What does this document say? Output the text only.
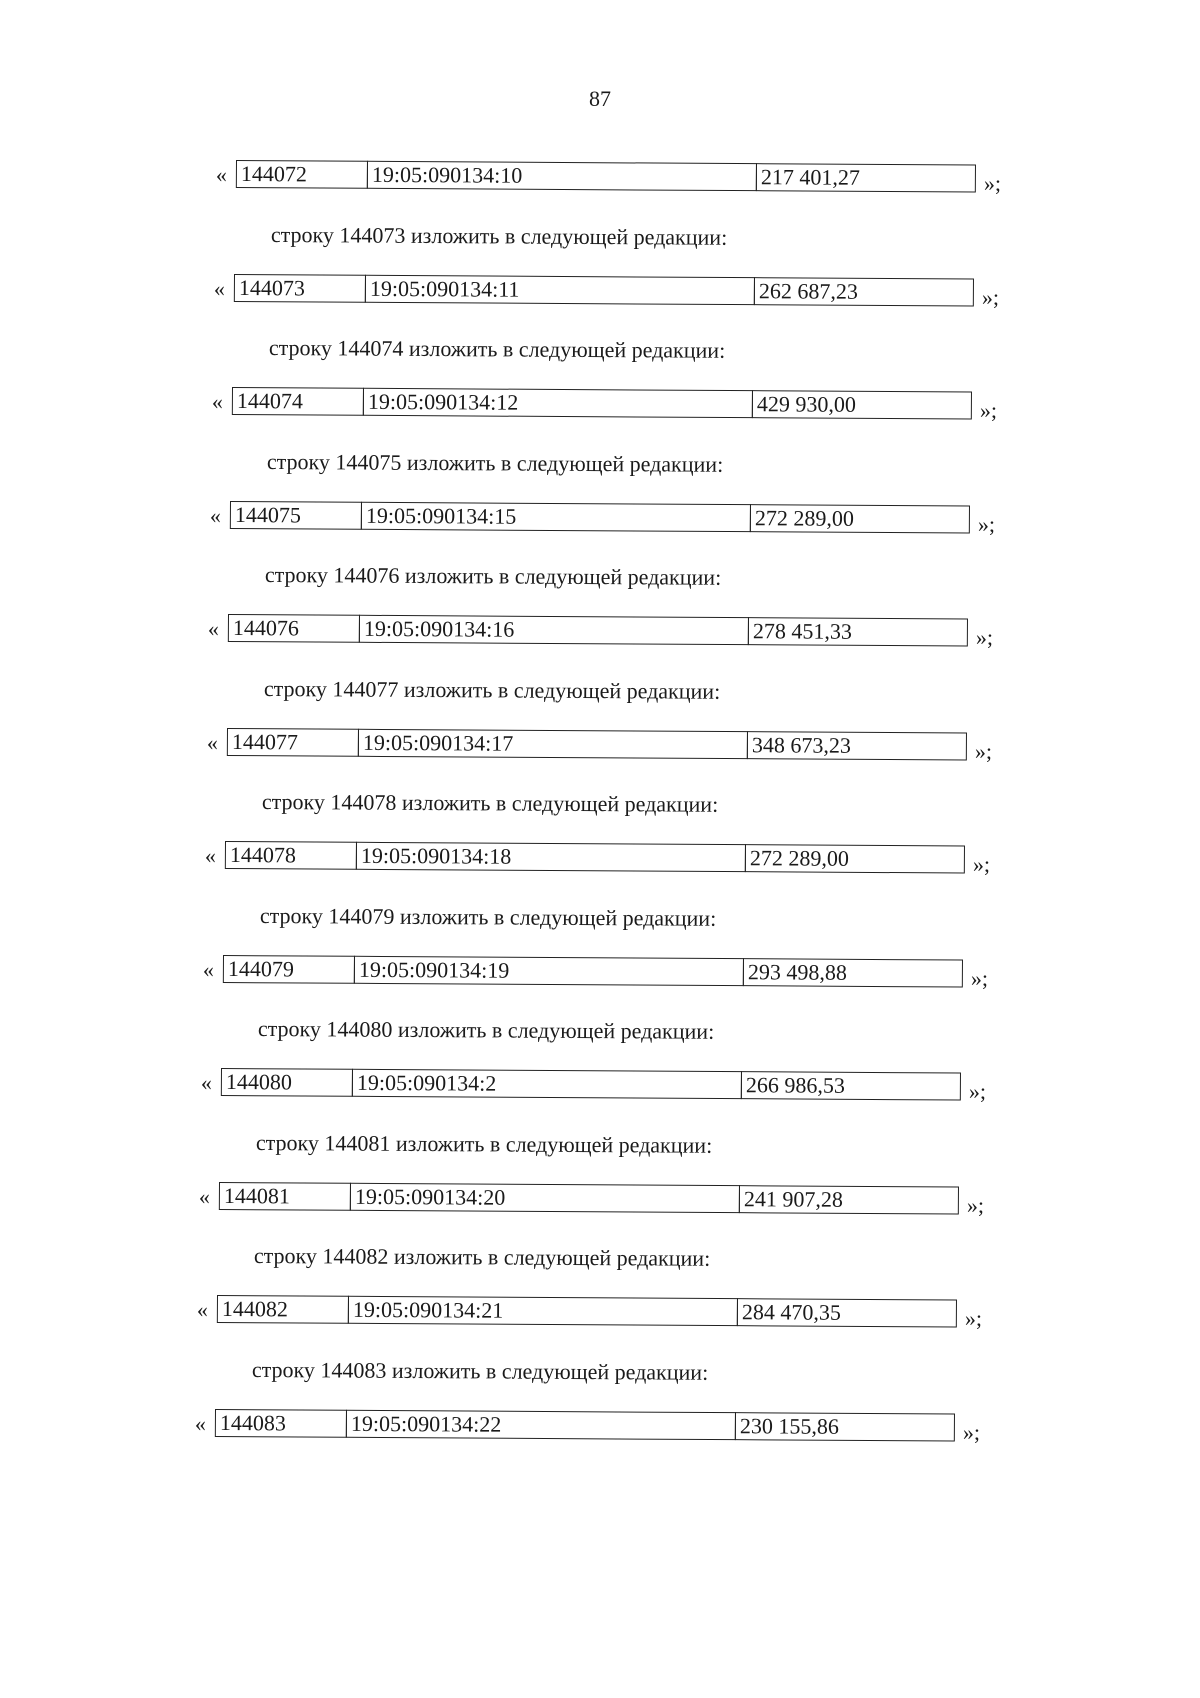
87
« 144072	19:05:090134:10	217 401,27	»;
строку 144073 изложить в следующей редакции:
« 144073	19:05:090134:11	262 687,23	»;
строку 144074 изложить в следующей редакции:
« 144074	19:05:090134:12	429 930,00	»;
строку 144075 изложить в следующей редакции:
« 144075	19:05:090134:15	272 289,00	»;
строку 144076 изложить в следующей редакции:
« 144076	19:05:090134:16	278 451,33	»;
строку 144077 изложить в следующей редакции:
« 144077	19:05:090134:17	348 673,23	»;
строку 144078 изложить в следующей редакции:
« 144078	19:05:090134:18	272 289,00	»;
строку 144079 изложить в следующей редакции:
« 144079	19:05:090134:19	293 498,88	»;
строку 144080 изложить в следующей редакции:
« 144080	19:05:090134:2	266 986,53	»;
строку 144081 изложить в следующей редакции:
« 144081	19:05:090134:20	241 907,28	»;
строку 144082 изложить в следующей редакции:
« 144082	19:05:090134:21	284 470,35	»;
строку 144083 изложить в следующей редакции:
« 144083	19:05:090134:22	230 155,86	»;
